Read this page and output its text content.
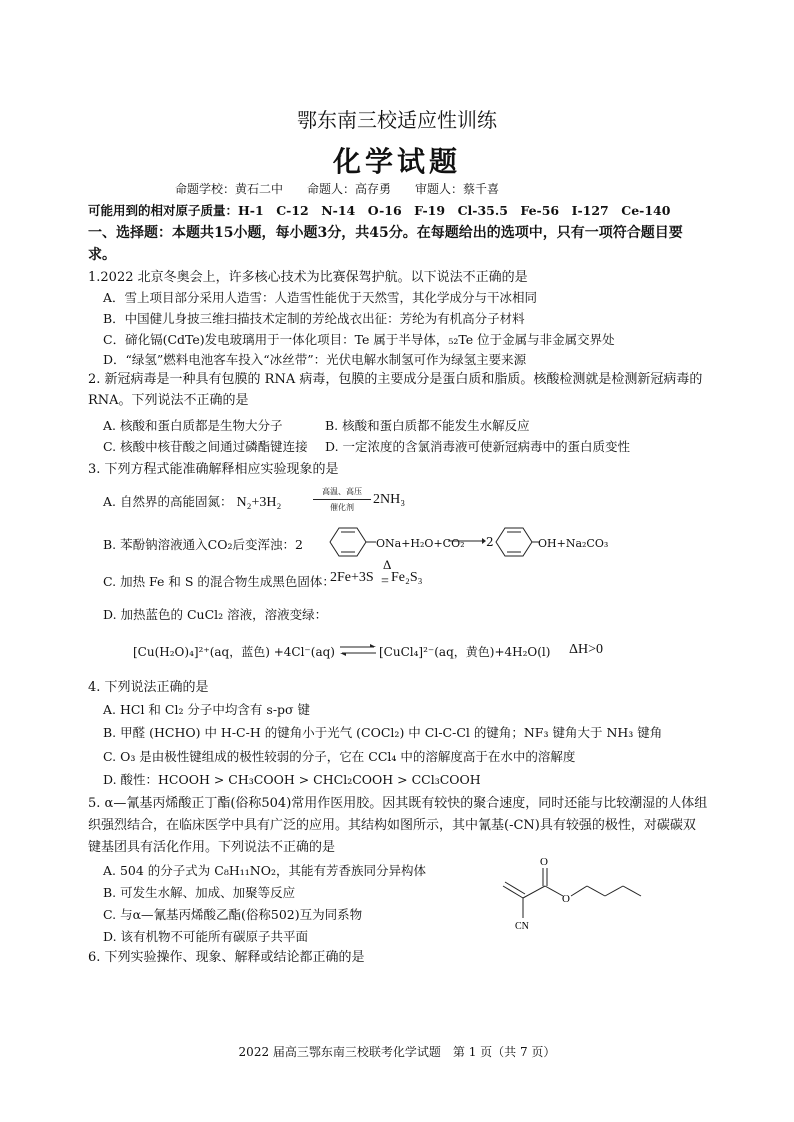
鄂东南三校适应性训练
化学试题
命题学校：黄石二中　　命题人：高存勇　　审题人：蔡千喜
可能用到的相对原子质量：H-1　C-12　N-14　O-16　F-19　Cl-35.5　Fe-56　I-127　Ce-140
一、选择题：本题共15小题，每小题3分，共45分。在每题给出的选项中，只有一项符合题目要求。
1.2022 北京冬奥会上，许多核心技术为比赛保驾护航。以下说法不正确的是
A．雪上项目部分采用人造雪：人造雪性能优于天然雪，其化学成分与干冰相同
B．中国健儿身披三维扫描技术定制的芳纶战衣出征：芳纶为有机高分子材料
C．碲化镉(CdTe)发电玻璃用于一体化项目：Te 属于半导体，₅₂Te 位于金属与非金属交界处
D．“绿氢”燃料电池客车投入“冰丝带”：光伏电解水制氢可作为绿氢主要来源
2. 新冠病毒是一种具有包膜的 RNA 病毒，包膜的主要成分是蛋白质和脂质。核酸检测就是检测新冠病毒的 RNA。下列说法不正确的是
A. 核酸和蛋白质都是生物大分子	B. 核酸和蛋白质都不能发生水解反应
C. 核酸中核苷酸之间通过磷酯键连接 D. 一定浓度的含氯消毒液可使新冠病毒中的蛋白质变性
3. 下列方程式能准确解释相应实验现象的是
A. 自然界的高能固氮： N₂+3H₂
高温、高压
催化剂
2NH₃
B. 苯酚钠溶液通入CO₂后变浑浊：2	ONa+H₂O+CO₂ → 2	OH+Na₂CO₃
C. 加热 Fe 和 S 的混合物生成黑色固体：
2Fe+3S
Δ
= Fe₂S₃
D. 加热蓝色的 CuCl₂ 溶液，溶液变绿：
[Cu(H₂O)₄]²⁺(aq，蓝色) +4Cl⁻(aq) ⇌ [CuCl₄]²⁻(aq，黄色)+4H₂O(l) ΔH>0
4. 下列说法正确的是
A. HCl 和 Cl₂ 分子中均含有 s-pσ 键
B. 甲醛 (HCHO) 中 H-C-H 的键角小于光气 (COCl₂) 中 Cl-C-Cl 的键角；NF₃ 键角大于 NH₃ 键角
C. O₃ 是由极性键组成的极性较弱的分子，它在 CCl₄ 中的溶解度高于在水中的溶解度
D. 酸性：HCOOH > CH₃COOH > CHCl₂COOH > CCl₃COOH
5. α—氰基丙烯酸正丁酯(俗称504)常用作医用胶。因其既有较快的聚合速度，同时还能与比较潮湿的人体组织强烈结合，在临床医学中具有广泛的应用。其结构如图所示，其中氰基(-CN)具有较强的极性，对碳碳双键基团具有活化作用。下列说法不正确的是
A. 504 的分子式为 C₈H₁₁NO₂，其能有芳香族同分异构体
B. 可发生水解、加成、加聚等反应
C. 与α—氰基丙烯酸乙酯(俗称502)互为同系物
D. 该有机物不可能所有碳原子共平面
O
O
CN
6. 下列实验操作、现象、解释或结论都正确的是
2022 届高三鄂东南三校联考化学试题　第 1 页（共 7 页）
